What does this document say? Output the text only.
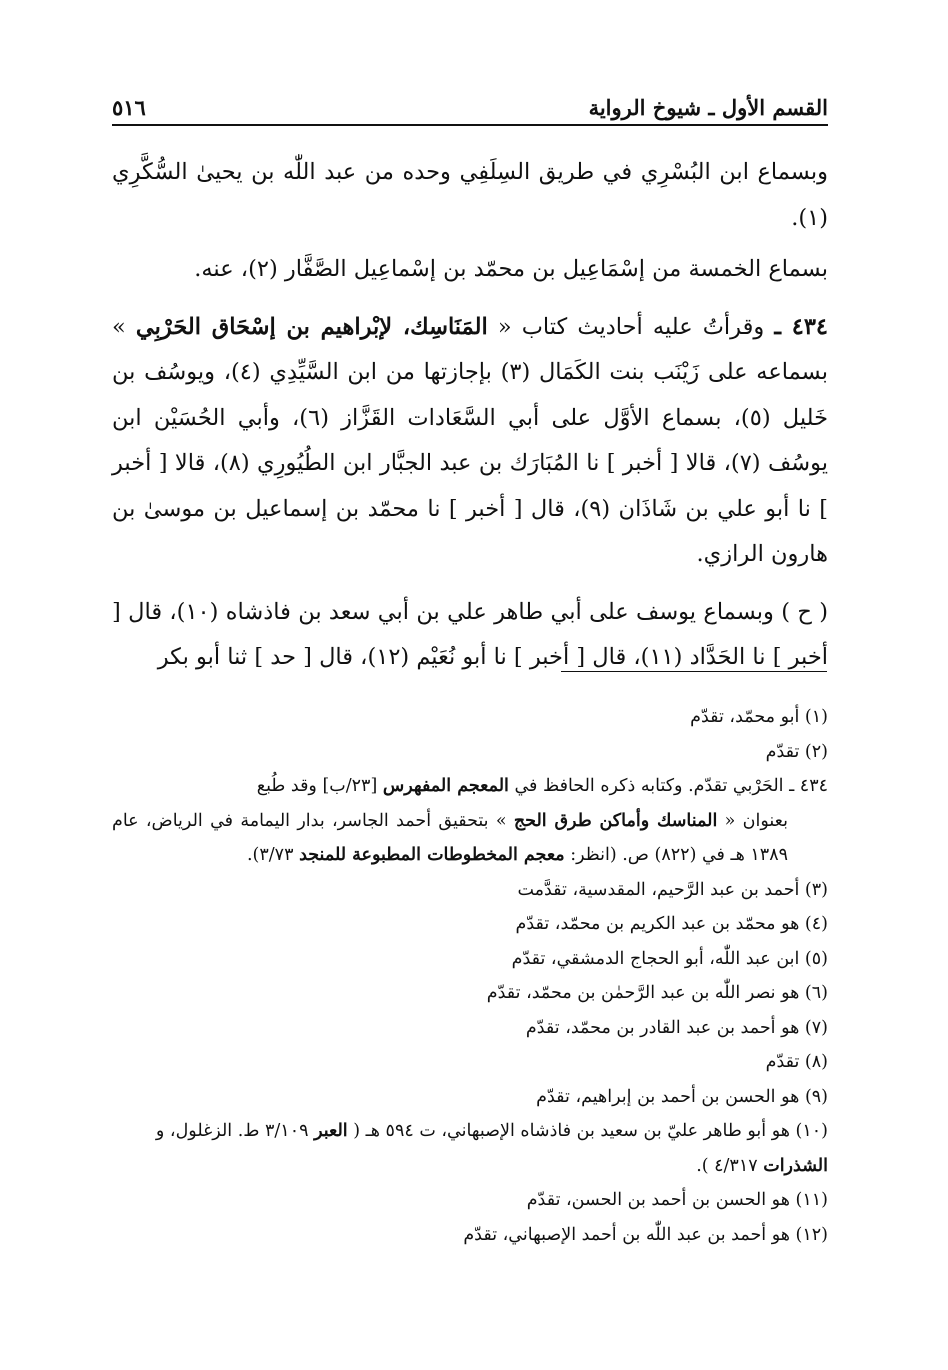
٥١٦	القسم الأول ـ شيوخ الرواية

وبسماع ابن البُسْرِي في طريق السِلَفِي وحده من عبد اللّٰه بن يحيىٰ السُّكَّرِي (١).

بسماع الخمسة من إسْمَاعِيل بن محمّد بن إسْماعِيل الصَّفَّار (٢)، عنه.

٤٣٤ ـ وقرأتُ عليه أحاديث كتاب « المَنَاسِك، لإبْراهيم بن إسْحَاق الحَرْبِي » بسماعه على زَيْنَب بنت الكَمَال (٣) بإجازتها من ابن السَّيِّدِي (٤)، ويوسُف بن خَليل (٥)، بسماع الأوَّل على أبي السَّعَادات القَزَّاز (٦)، وأبي الحُسَيْن ابن يوسُف (٧)، قالا [ أخبر ] نا المُبَارَك بن عبد الجبَّار ابن الطُيُورِي (٨)، قالا [ أخبر ] نا أبو علي بن شَاذَان (٩)، قال [ أخبر ] نا محمّد بن إسماعيل بن موسىٰ بن هارون الرازي.

( ح ) وبسماع يوسف على أبي طاهر علي بن أبي سعد بن فاذشاه (١٠)، قال [ أخبر ] نا الحَدَّاد (١١)، قال [ أخبر ] نا أبو نُعَيْم (١٢)، قال [ حد ] ثنا أبو بكر

(١) أبو محمّد، تقدّم

(٢) تقدّم

٤٣٤ ـ الحَرْبي تقدّم. وكتابه ذكره الحافظ في المعجم المفهرس [٢٣/ب] وقد طُبع

بعنوان « المناسك وأماكن طرق الحج » بتحقيق أحمد الجاسر، بدار اليمامة في الرياض، عام ١٣٨٩ هـ في (٨٢٢) ص. (انظر: معجم المخطوطات المطبوعة للمنجد ٣/٧٣).

(٣) أحمد بن عبد الرَّحيم، المقدسية، تقدَّمت

(٤) هو محمّد بن عبد الكريم بن محمّد، تقدّم

(٥) ابن عبد اللّٰه، أبو الحجاج الدمشقي، تقدّم

(٦) هو نصر اللّٰه بن عبد الرَّحمٰن بن محمّد، تقدّم

(٧) هو أحمد بن عبد القادر بن محمّد، تقدّم

(٨) تقدّم

(٩) هو الحسن بن أحمد بن إبراهيم، تقدّم

(١٠) هو أبو طاهر عليّ بن سعيد بن فاذشاه الإصبهاني، ت ٥٩٤ هـ ( العبر ٣/١٠٩ ط. الزغلول، و الشذرات ٤/٣١٧ ).

(١١) هو الحسن بن أحمد بن الحسن، تقدّم

(١٢) هو أحمد بن عبد اللّٰه بن أحمد الإصبهاني، تقدّم
